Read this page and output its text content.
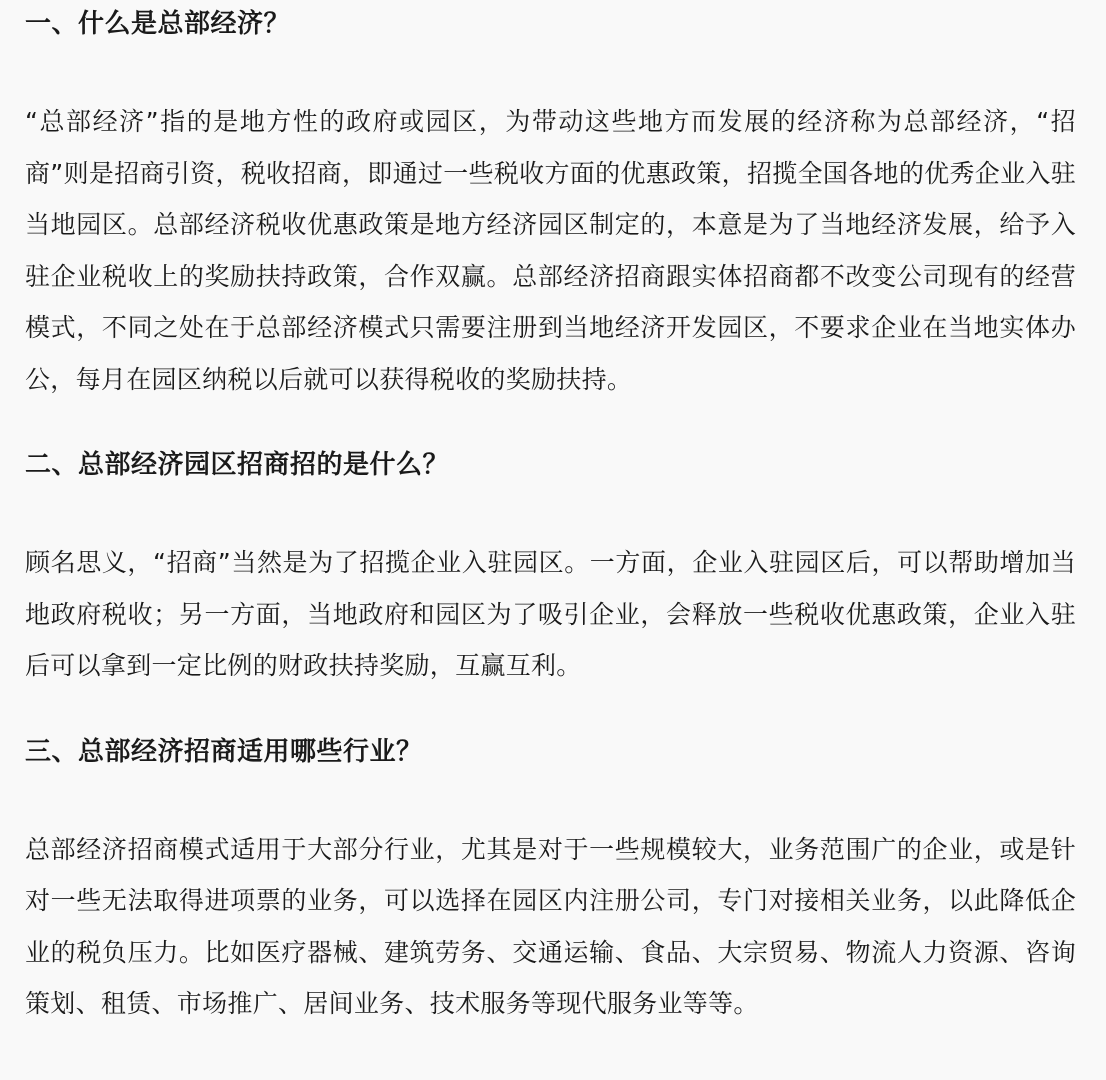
一、什么是总部经济？

“总部经济”指的是地方性的政府或园区，为带动这些地方而发展的经济称为总部经济，“招商”则是招商引资，税收招商，即通过一些税收方面的优惠政策，招揽全国各地的优秀企业入驻当地园区。总部经济税收优惠政策是地方经济园区制定的，本意是为了当地经济发展，给予入驻企业税收上的奖励扶持政策，合作双赢。总部经济招商跟实体招商都不改变公司现有的经营模式，不同之处在于总部经济模式只需要注册到当地经济开发园区，不要求企业在当地实体办公，每月在园区纳税以后就可以获得税收的奖励扶持。

二、总部经济园区招商招的是什么？

顾名思义，“招商”当然是为了招揽企业入驻园区。一方面，企业入驻园区后，可以帮助增加当地政府税收；另一方面，当地政府和园区为了吸引企业，会释放一些税收优惠政策，企业入驻后可以拿到一定比例的财政扶持奖励，互赢互利。

三、总部经济招商适用哪些行业？

总部经济招商模式适用于大部分行业，尤其是对于一些规模较大，业务范围广的企业，或是针对一些无法取得进项票的业务，可以选择在园区内注册公司，专门对接相关业务，以此降低企业的税负压力。比如医疗器械、建筑劳务、交通运输、食品、大宗贸易、物流人力资源、咨询策划、租赁、市场推广、居间业务、技术服务等现代服务业等等。
